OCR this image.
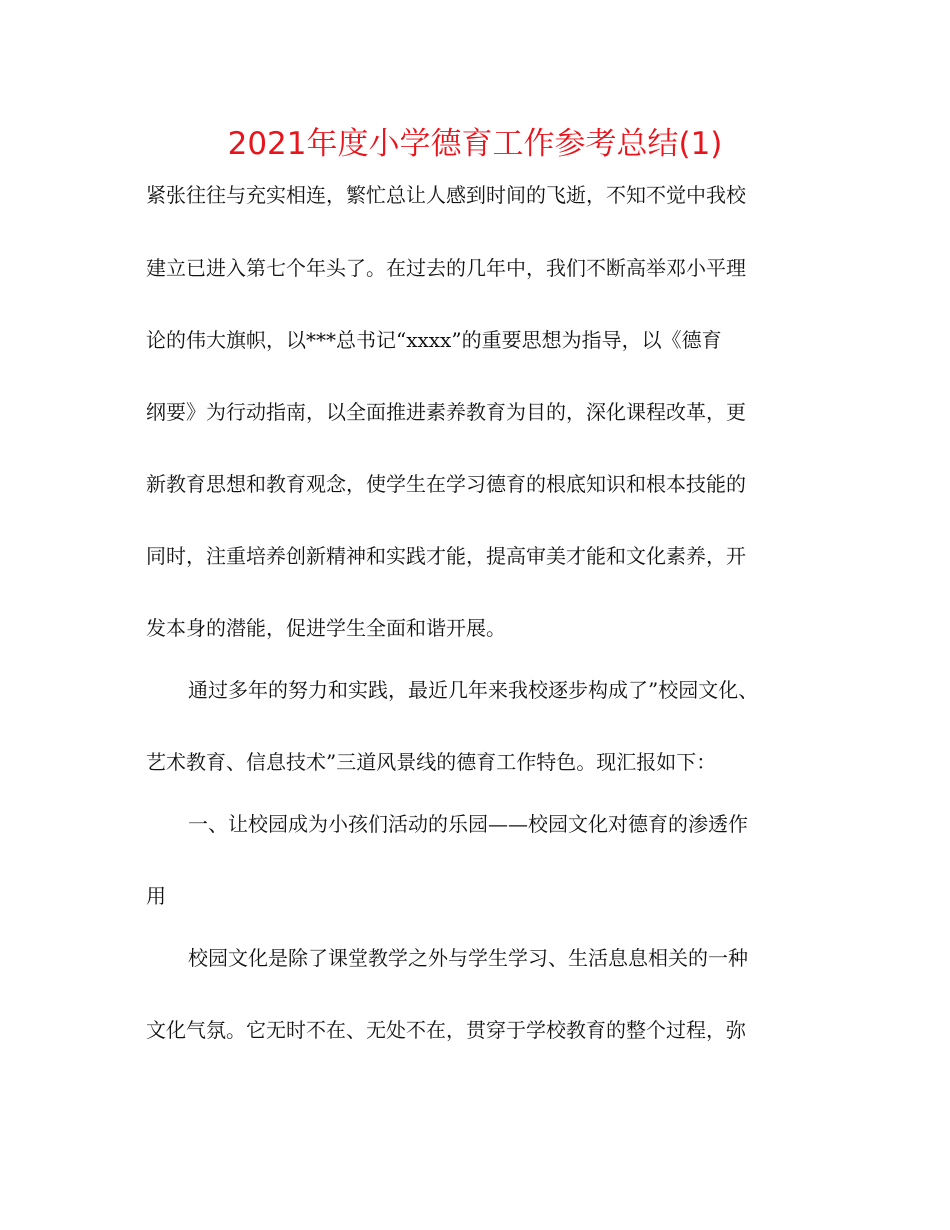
2021年度小学德育工作参考总结(1)
紧张往往与充实相连，繁忙总让人感到时间的飞逝，不知不觉中我校
建立已进入第七个年头了。在过去的几年中，我们不断高举邓小平理
论的伟大旗帜，以***总书记“xxxx”的重要思想为指导，以《德育
纲要》为行动指南，以全面推进素养教育为目的，深化课程改革，更
新教育思想和教育观念，使学生在学习德育的根底知识和根本技能的
同时，注重培养创新精神和实践才能，提高审美才能和文化素养，开
发本身的潜能，促进学生全面和谐开展。
通过多年的努力和实践，最近几年来我校逐步构成了”校园文化、
艺术教育、信息技术”三道风景线的德育工作特色。现汇报如下：
一、让校园成为小孩们活动的乐园——校园文化对德育的渗透作
用
校园文化是除了课堂教学之外与学生学习、生活息息相关的一种
文化气氛。它无时不在、无处不在，贯穿于学校教育的整个过程，弥
